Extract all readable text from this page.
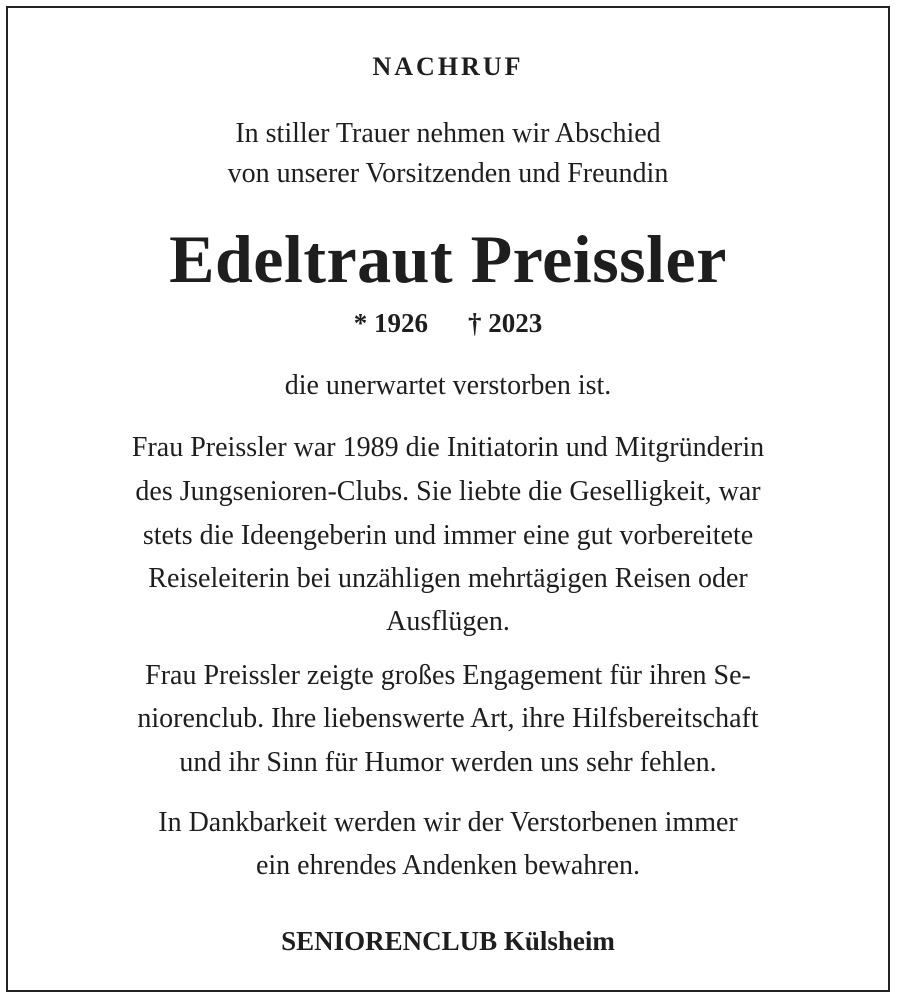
NACHRUF
In stiller Trauer nehmen wir Abschied
von unserer Vorsitzenden und Freundin
Edeltraut Preissler
* 1926 † 2023
die unerwartet verstorben ist.
Frau Preissler war 1989 die Initiatorin und Mitgründerin
des Jungsenioren-Clubs. Sie liebte die Geselligkeit, war
stets die Ideengeberin und immer eine gut vorbereitete
Reiseleiterin bei unzähligen mehrtägigen Reisen oder
Ausflügen.
Frau Preissler zeigte großes Engagement für ihren Se-
niorenclub. Ihre liebenswerte Art, ihre Hilfsbereitschaft
und ihr Sinn für Humor werden uns sehr fehlen.
In Dankbarkeit werden wir der Verstorbenen immer
ein ehrendes Andenken bewahren.
SENIORENCLUB Külsheim
